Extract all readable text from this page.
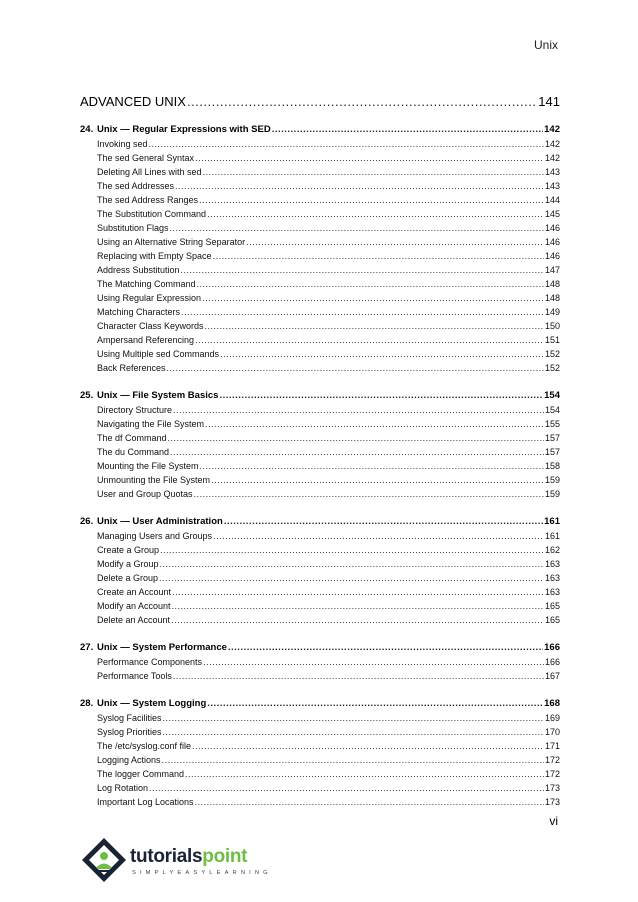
Unix
ADVANCED UNIX .....	141
24. Unix — Regular Expressions with SED .....	142
Invoking sed .....	142
The sed General Syntax .....	142
Deleting All Lines with sed .....	143
The sed Addresses .....	143
The sed Address Ranges .....	144
The Substitution Command .....	145
Substitution Flags .....	146
Using an Alternative String Separator .....	146
Replacing with Empty Space .....	146
Address Substitution .....	147
The Matching Command .....	148
Using Regular Expression .....	148
Matching Characters .....	149
Character Class Keywords .....	150
Ampersand Referencing .....	151
Using Multiple sed Commands .....	152
Back References .....	152
25. Unix — File System Basics .....	154
Directory Structure .....	154
Navigating the File System .....	155
The df Command .....	157
The du Command .....	157
Mounting the File System .....	158
Unmounting the File System .....	159
User and Group Quotas .....	159
26. Unix — User Administration .....	161
Managing Users and Groups .....	161
Create a Group .....	162
Modify a Group .....	163
Delete a Group .....	163
Create an Account .....	163
Modify an Account .....	165
Delete an Account .....	165
27. Unix — System Performance .....	166
Performance Components .....	166
Performance Tools .....	167
28. Unix — System Logging .....	168
Syslog Facilities .....	169
Syslog Priorities .....	170
The /etc/syslog.conf file .....	171
Logging Actions .....	172
The logger Command .....	172
Log Rotation .....	173
Important Log Locations .....	173
vi
tutorialspoint
SIMPLYEASYLEARNING
